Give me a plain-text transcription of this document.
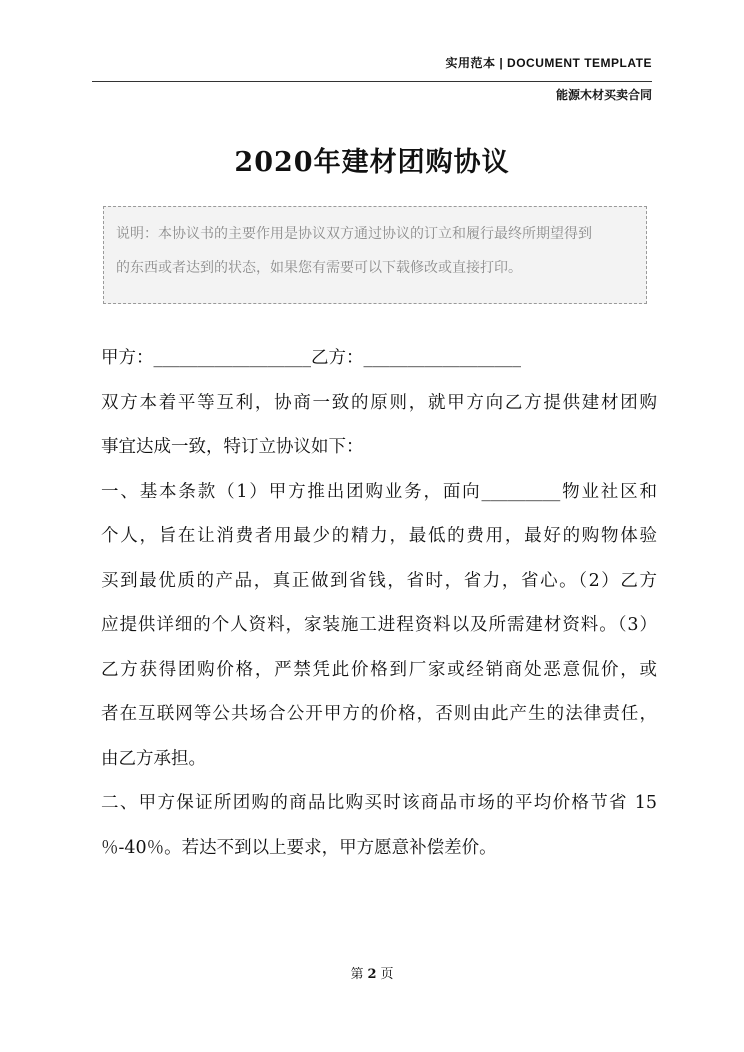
实用范本 | DOCUMENT TEMPLATE
能源木材买卖合同
2020年建材团购协议
说明：本协议书的主要作用是协议双方通过协议的订立和履行最终所期望得到
的东西或者达到的状态，如果您有需要可以下载修改或直接打印。
甲方：__________________乙方：__________________
双方本着平等互利，协商一致的原则，就甲方向乙方提供建材团购
事宜达成一致，特订立协议如下：
一、基本条款（1）甲方推出团购业务，面向_________物业社区和
个人，旨在让消费者用最少的精力，最低的费用，最好的购物体验
买到最优质的产品，真正做到省钱，省时，省力，省心。（2）乙方
应提供详细的个人资料，家装施工进程资料以及所需建材资料。（3）
乙方获得团购价格，严禁凭此价格到厂家或经销商处恶意侃价，或
者在互联网等公共场合公开甲方的价格，否则由此产生的法律责任，
由乙方承担。
二、甲方保证所团购的商品比购买时该商品市场的平均价格节省 15
％-40％。若达不到以上要求，甲方愿意补偿差价。
第 2 页
